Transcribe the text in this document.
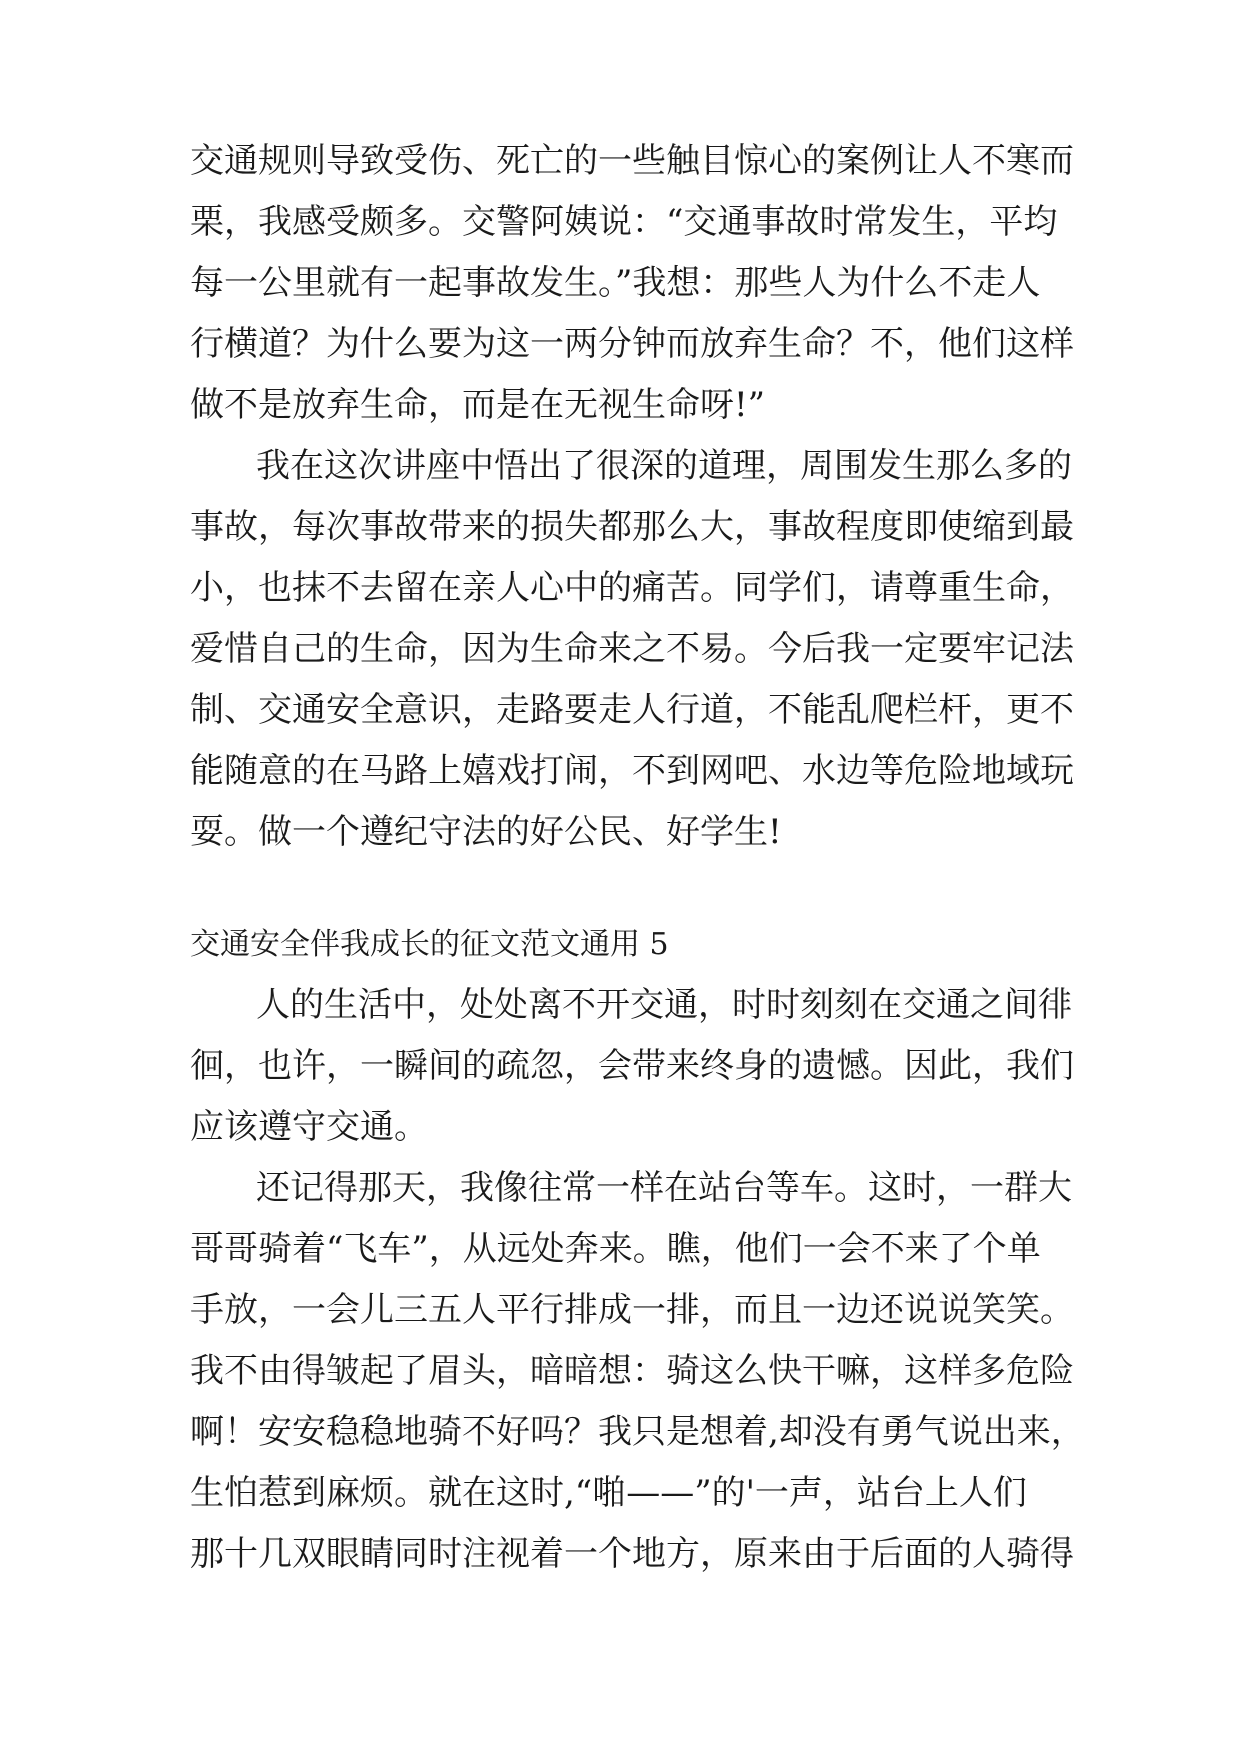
交通规则导致受伤、死亡的一些触目惊心的案例让人不寒而
栗，我感受颇多。交警阿姨说：“交通事故时常发生，平均
每一公里就有一起事故发生。”我想：那些人为什么不走人
行横道？为什么要为这一两分钟而放弃生命？不，他们这样
做不是放弃生命，而是在无视生命呀!”
我在这次讲座中悟出了很深的道理，周围发生那么多的
事故，每次事故带来的损失都那么大，事故程度即使缩到最
小，也抹不去留在亲人心中的痛苦。同学们，请尊重生命，
爱惜自己的生命，因为生命来之不易。今后我一定要牢记法
制、交通安全意识，走路要走人行道，不能乱爬栏杆，更不
能随意的在马路上嬉戏打闹，不到网吧、水边等危险地域玩
耍。做一个遵纪守法的好公民、好学生!
交通安全伴我成长的征文范文通用 5
人的生活中，处处离不开交通，时时刻刻在交通之间徘
徊，也许，一瞬间的疏忽，会带来终身的遗憾。因此，我们
应该遵守交通。
还记得那天，我像往常一样在站台等车。这时，一群大
哥哥骑着“飞车”，从远处奔来。瞧，他们一会不来了个单
手放，一会儿三五人平行排成一排，而且一边还说说笑笑。
我不由得皱起了眉头，暗暗想：骑这么快干嘛，这样多危险
啊！安安稳稳地骑不好吗？我只是想着,却没有勇气说出来，
生怕惹到麻烦。就在这时,“啪——”的'一声，站台上人们
那十几双眼睛同时注视着一个地方，原来由于后面的人骑得
